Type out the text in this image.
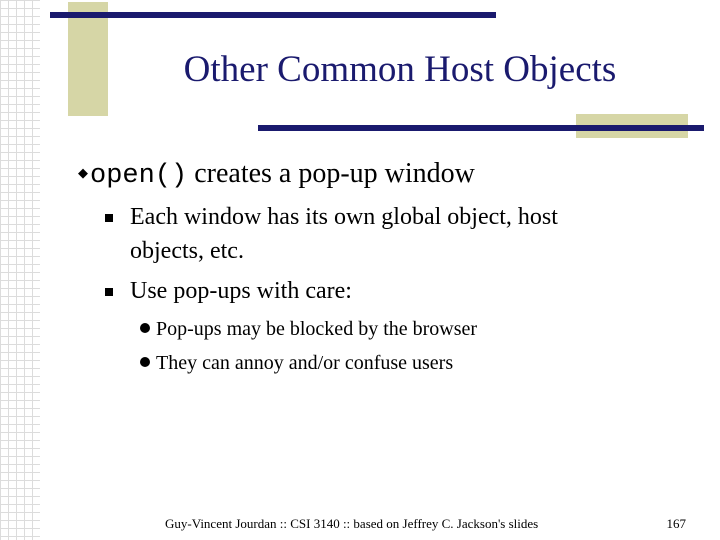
Other Common Host Objects
◆open() creates a pop-up window
Each window has its own global object, host
objects, etc.
Use pop-ups with care:
Pop-ups may be blocked by the browser
They can annoy and/or confuse users
Guy-Vincent Jourdan :: CSI 3140 :: based on Jeffrey C. Jackson's slides	167
